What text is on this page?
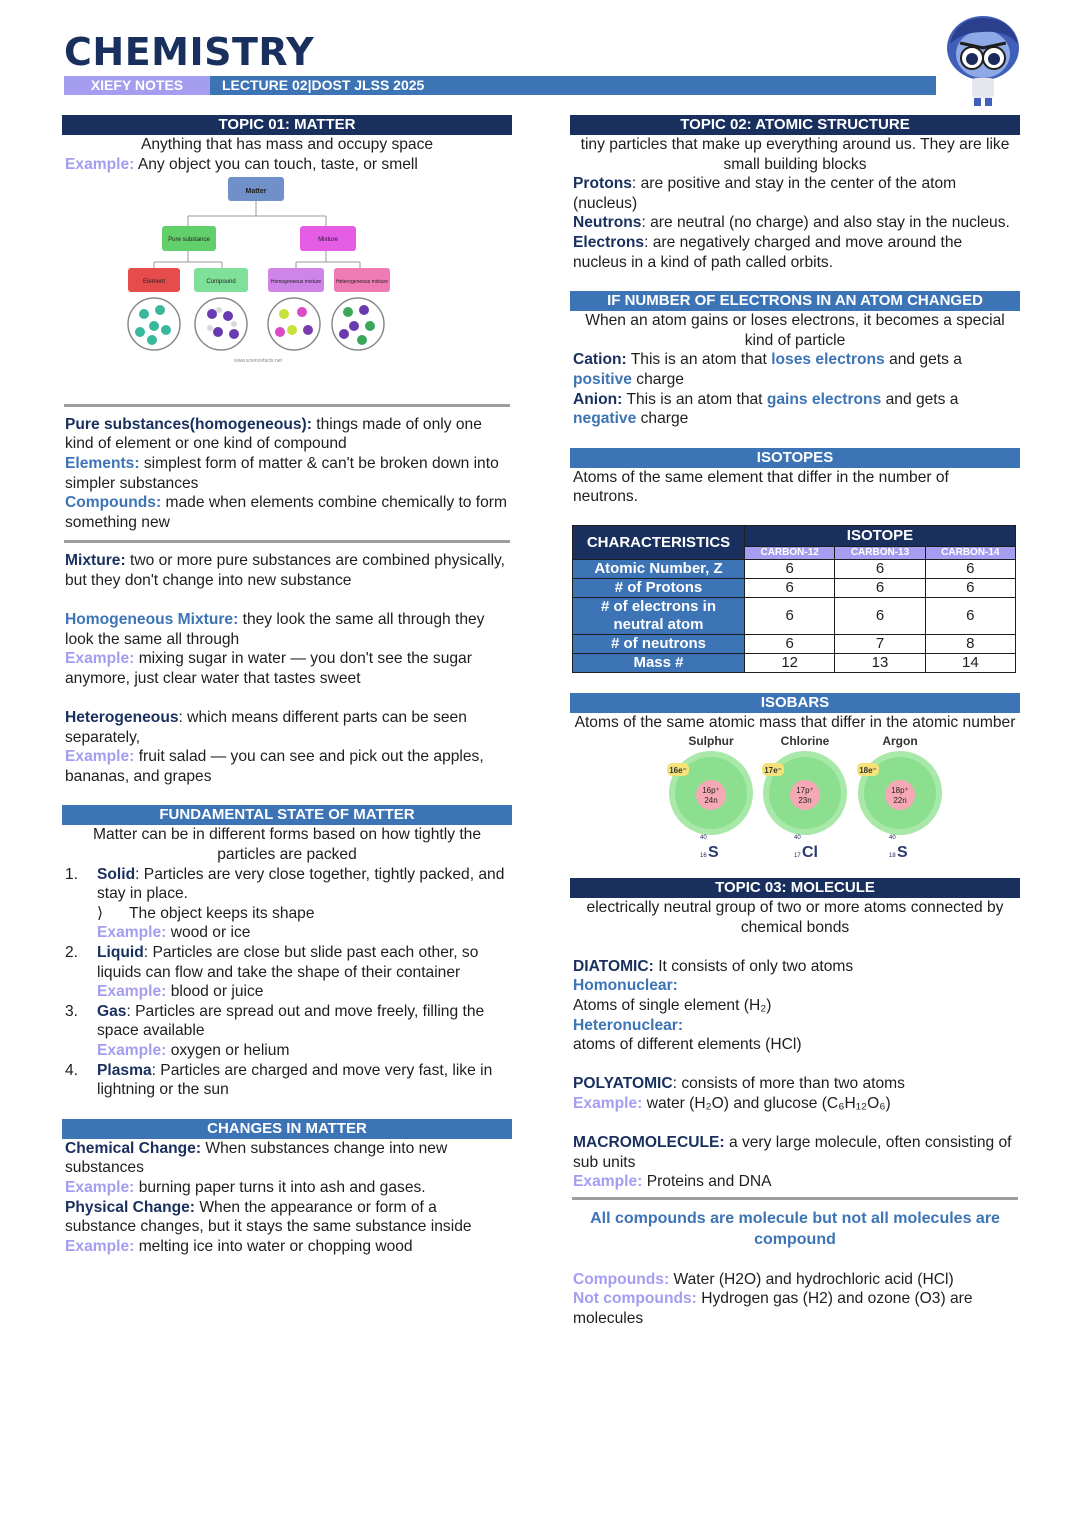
CHEMISTRY
XIEFY NOTES	LECTURE 02|DOST JLSS 2025
TOPIC 01: MATTER
Anything that has mass and occupy space
Example: Any object you can touch, taste, or smell
Matter
Pure substance	Mixture
Element	Compound	Homogeneous mixture	Heterogeneous mixture
www.sciencefacts.net
Pure substances(homogeneous): things made of only one kind of element or one kind of compound
Elements: simplest form of matter & can't be broken down into simpler substances
Compounds: made when elements combine chemically to form something new
Mixture: two or more pure substances are combined physically, but they don't change into new substance
Homogeneous Mixture: they look the same all through they look the same all through
Example: mixing sugar in water — you don't see the sugar anymore, just clear water that tastes sweet
Heterogeneous: which means different parts can be seen separately,
Example: fruit salad — you can see and pick out the apples, bananas, and grapes
FUNDAMENTAL STATE OF MATTER
Matter can be in different forms based on how tightly the particles are packed
1.	Solid: Particles are very close together, tightly packed, and stay in place.
⟩ The object keeps its shape
Example: wood or ice
2.	Liquid: Particles are close but slide past each other, so liquids can flow and take the shape of their container
Example: blood or juice
3.	Gas: Particles are spread out and move freely, filling the space available
Example: oxygen or helium
4.	Plasma: Particles are charged and move very fast, like in lightning or the sun
CHANGES IN MATTER
Chemical Change: When substances change into new substances
Example: burning paper turns it into ash and gases.
Physical Change: When the appearance or form of a substance changes, but it stays the same substance inside
Example: melting ice into water or chopping wood
TOPIC 02: ATOMIC STRUCTURE
tiny particles that make up everything around us. They are like small building blocks
Protons: are positive and stay in the center of the atom (nucleus)
Neutrons: are neutral (no charge) and also stay in the nucleus.
Electrons: are negatively charged and move around the nucleus in a kind of path called orbits.
IF NUMBER OF ELECTRONS IN AN ATOM CHANGED
When an atom gains or loses electrons, it becomes a special kind of particle
Cation: This is an atom that loses electrons and gets a positive charge
Anion: This is an atom that gains electrons and gets a negative charge
ISOTOPES
Atoms of the same element that differ in the number of neutrons.
CHARACTERISTICS	ISOTOPE		
	CARBON-12	CARBON-13	CARBON-14
Atomic Number, Z	6	6	6
# of Protons	6	6	6
# of electrons in neutral atom	6	6	6
# of neutrons	6	7	8
Mass #	12	13	14
ISOBARS
Atoms of the same atomic mass that differ in the atomic number
Sulphur	Chlorine	Argon
16p⁺
24n
17p⁺
23n
18p⁺
22n
16e⁻	17e⁻	18e⁻
40
16 S
40
17 Cl
40
18 S
TOPIC 03: MOLECULE
electrically neutral group of two or more atoms connected by chemical bonds
DIATOMIC: It consists of only two atoms
Homonuclear:
Atoms of single element (H₂)
Heteronuclear:
atoms of different elements (HCl)
POLYATOMIC: consists of more than two atoms
Example: water (H₂O) and glucose (C₆H₁₂O₆)
MACROMOLECULE: a very large molecule, often consisting of sub units
Example: Proteins and DNA
All compounds are molecule but not all molecules are compound
Compounds: Water (H2O) and hydrochloric acid (HCl)
Not compounds: Hydrogen gas (H2) and ozone (O3) are molecules
